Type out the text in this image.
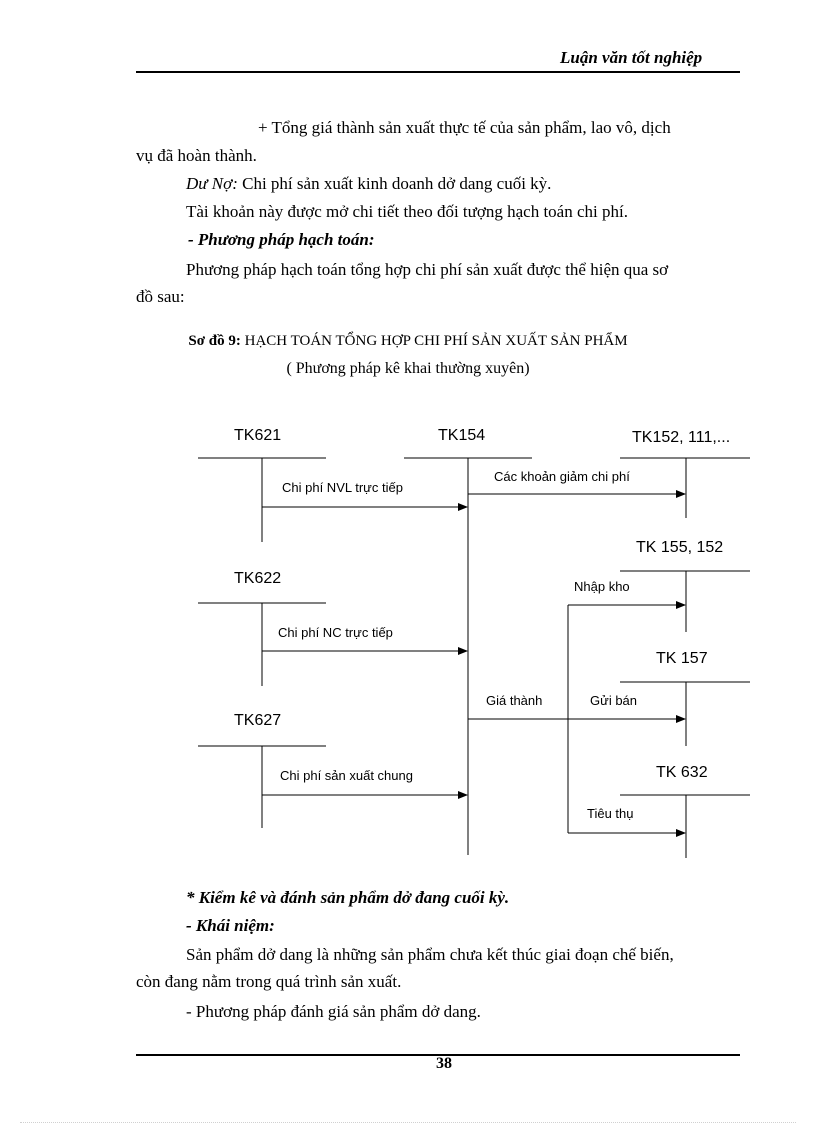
Luận văn tốt nghiệp
+ Tổng giá thành sản xuất thực tế của sản phẩm, lao vô, dịch
vụ đã hoàn thành.
Dư Nợ: Chi phí sản xuất kinh doanh dở dang cuối kỳ.
Tài khoản này được mở chi tiết theo đối tượng hạch toán chi phí.
- Phương pháp hạch toán:
Phương pháp hạch toán tổng hợp chi phí sản xuất được thể hiện qua sơ
đồ sau:
Sơ đồ 9: HẠCH TOÁN TỔNG HỢP CHI PHÍ SẢN XUẤT SẢN PHẨM
( Phương pháp kê khai thường xuyên)
TK621	TK154	TK152, 111,...
TK622
TK 155, 152
TK627
TK 157
TK 632
Chi phí NVL trực tiếp
Chi phí NC trực tiếp
Chi phí sản xuất chung
Các khoản giảm chi phí
Giá thành
Nhập kho
Gửi bán
Tiêu thụ
* Kiểm kê và đánh sản phẩm dở đang cuối kỳ.
- Khái niệm:
Sản phẩm dở dang là những sản phẩm chưa kết thúc giai đoạn chế biến,
còn đang nằm trong quá trình sản xuất.
- Phương pháp đánh giá sản phẩm dở dang.
38
